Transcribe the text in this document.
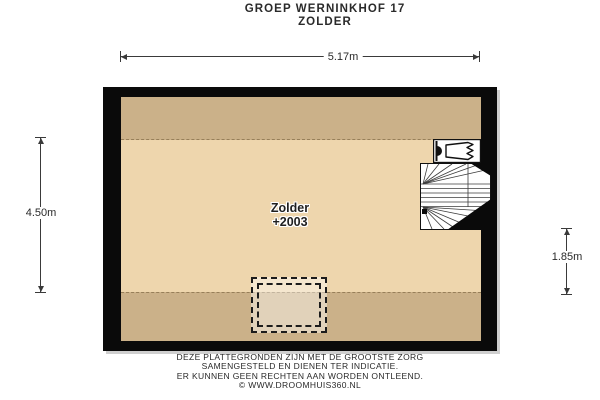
GROEP WERNINKHOF 17
ZOLDER
5.17m
4.50m
1.85m
Zolder
+2003
DEZE PLATTEGRONDEN ZIJN MET DE GROOTSTE ZORG
SAMENGESTELD EN DIENEN TER INDICATIE.
ER KUNNEN GEEN RECHTEN AAN WORDEN ONTLEEND.
© WWW.DROOMHUIS360.NL
